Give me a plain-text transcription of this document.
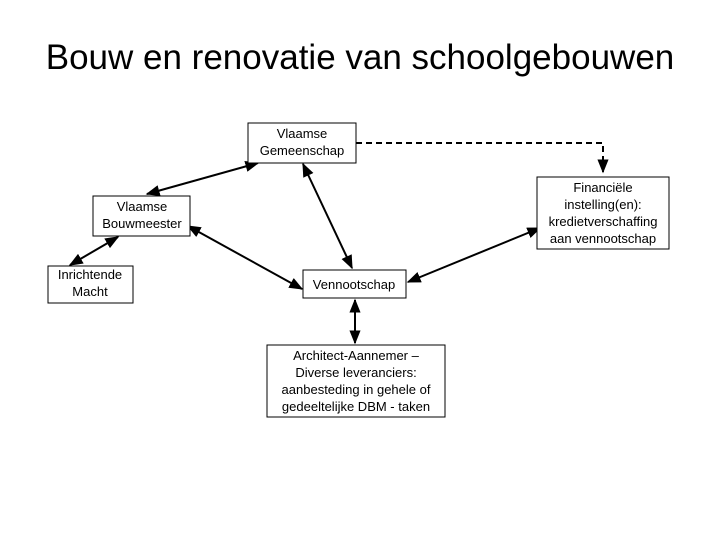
Bouw en renovatie van schoolgebouwen
Vlaamse
Gemeenschap
Financiële
instelling(en):
kredietverschaffing
aan vennootschap
Vlaamse
Bouwmeester
Inrichtende
Macht	Vennootschap
Architect-Aannemer –
Diverse leveranciers:
aanbesteding in gehele of
gedeeltelijke DBM - taken
